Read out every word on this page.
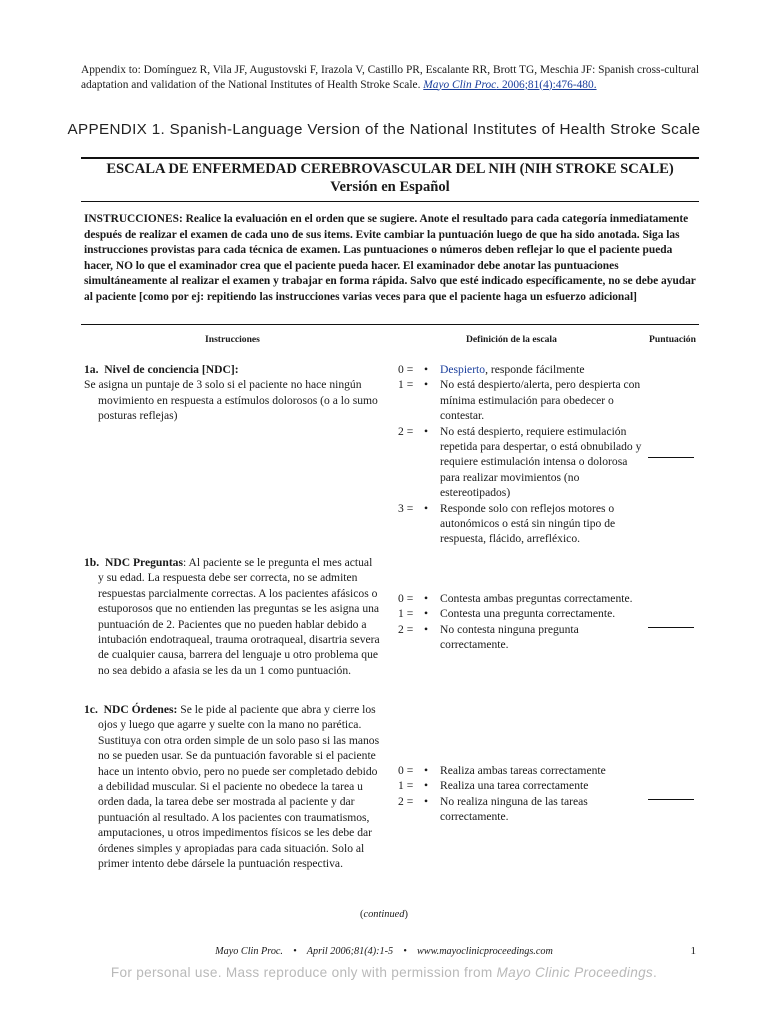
Appendix to: Domínguez R, Vila JF, Augustovski F, Irazola V, Castillo PR, Escalante RR, Brott TG, Meschia JF: Spanish cross-cultural adaptation and validation of the National Institutes of Health Stroke Scale. Mayo Clin Proc. 2006;81(4):476-480.
APPENDIX 1. Spanish-Language Version of the National Institutes of Health Stroke Scale
ESCALA DE ENFERMEDAD CEREBROVASCULAR DEL NIH (NIH STROKE SCALE)
Versión en Español
INSTRUCCIONES: Realice la evaluación en el orden que se sugiere. Anote el resultado para cada categoría inmediatamente después de realizar el examen de cada uno de sus items. Evite cambiar la puntuación luego de que ha sido anotada. Siga las instrucciones provistas para cada técnica de examen. Las puntuaciones o números deben reflejar lo que el paciente pueda hacer, NO lo que el examinador crea que el paciente pueda hacer. El examinador debe anotar las puntuaciones simultáneamente al realizar el examen y trabajar en forma rápida. Salvo que esté indicado específicamente, no se debe ayudar al paciente [como por ej: repitiendo las instrucciones varias veces para que el paciente haga un esfuerzo adicional]
Instrucciones	Definición de la escala	Puntuación
1a. Nivel de conciencia [NDC]:
Se asigna un puntaje de 3 solo si el paciente no hace ningún
movimiento en respuesta a estímulos dolorosos (o a lo sumo posturas reflejas)
0 = •	Despierto, responde fácilmente
1 = •	No está despierto/alerta, pero despierta con mínima estimulación para obedecer o contestar.
2 = •	No está despierto, requiere estimulación repetida para despertar, o está obnubilado y requiere estimulación intensa o dolorosa para realizar movimientos (no estereotipados)
3 = •	Responde solo con reflejos motores o autonómicos o está sin ningún tipo de respuesta, flácido, arrefléxico.
1b. NDC Preguntas: Al paciente se le pregunta el mes actual
y su edad. La respuesta debe ser correcta, no se admiten respuestas parcialmente correctas. A los pacientes afásicos o estuporosos que no entienden las preguntas se les asigna una puntuación de 2. Pacientes que no pueden hablar debido a intubación endotraqueal, trauma orotraqueal, disartria severa de cualquier causa, barrera del lenguaje u otro problema que no sea debido a afasia se les da un 1 como puntuación.
0 = •	Contesta ambas preguntas correctamente.
1 = •	Contesta una pregunta correctamente.
2 = •	No contesta ninguna pregunta correctamente.
1c. NDC Órdenes: Se le pide al paciente que abra y cierre los
ojos y luego que agarre y suelte con la mano no parética. Sustituya con otra orden simple de un solo paso si las manos no se pueden usar. Se da puntuación favorable si el paciente hace un intento obvio, pero no puede ser completado debido a debilidad muscular. Si el paciente no obedece la tarea u orden dada, la tarea debe ser mostrada al paciente y dar puntuación al resultado. A los pacientes con traumatismos, amputaciones, u otros impedimentos físicos se les debe dar órdenes simples y apropiadas para cada situación. Solo al primer intento debe dársele la puntuación respectiva.
0 = •	Realiza ambas tareas correctamente
1 = •	Realiza una tarea correctamente
2 = •	No realiza ninguna de las tareas correctamente.
(continued)
Mayo Clin Proc. • April 2006;81(4):1-5 • www.mayoclinicproceedings.com	1
For personal use. Mass reproduce only with permission from Mayo Clinic Proceedings.
